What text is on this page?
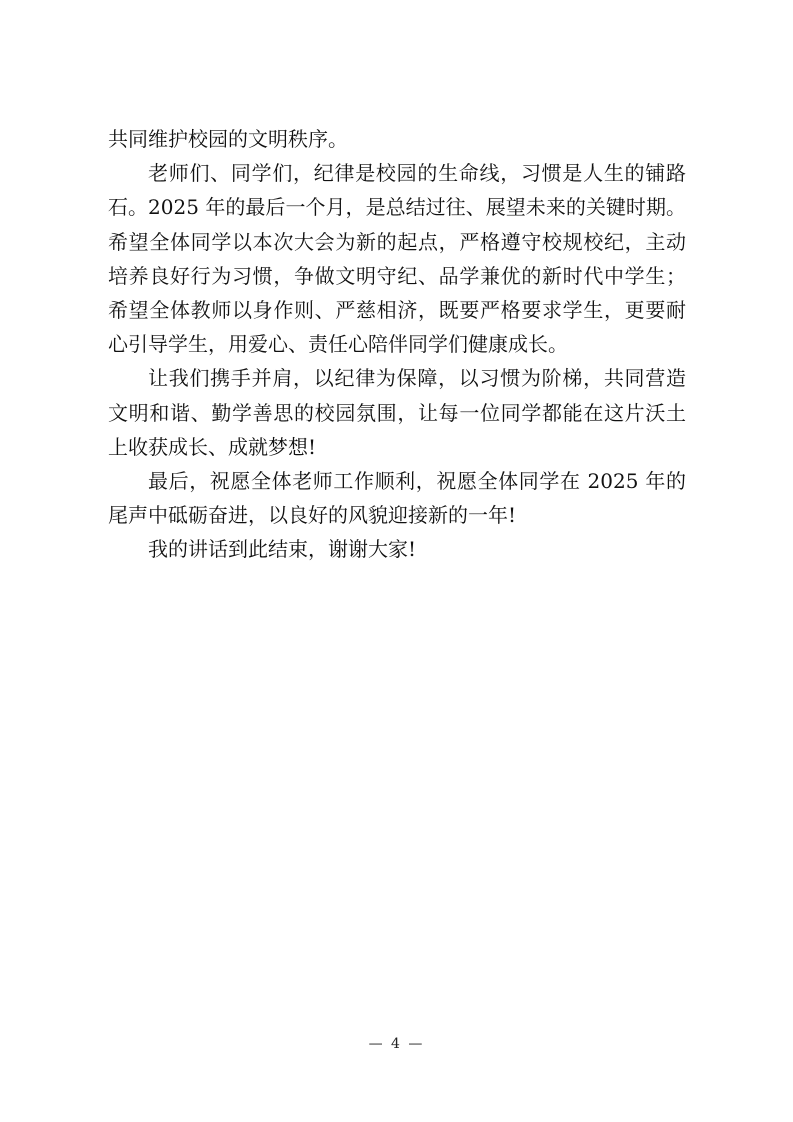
共同维护校园的文明秩序。

老师们、同学们，纪律是校园的生命线，习惯是人生的铺路石。2025 年的最后一个月，是总结过往、展望未来的关键时期。希望全体同学以本次大会为新的起点，严格遵守校规校纪，主动培养良好行为习惯，争做文明守纪、品学兼优的新时代中学生；希望全体教师以身作则、严慈相济，既要严格要求学生，更要耐心引导学生，用爱心、责任心陪伴同学们健康成长。

让我们携手并肩，以纪律为保障，以习惯为阶梯，共同营造文明和谐、勤学善思的校园氛围，让每一位同学都能在这片沃土上收获成长、成就梦想!

最后，祝愿全体老师工作顺利，祝愿全体同学在 2025 年的尾声中砥砺奋进，以良好的风貌迎接新的一年!

我的讲话到此结束，谢谢大家!

— 4 —
